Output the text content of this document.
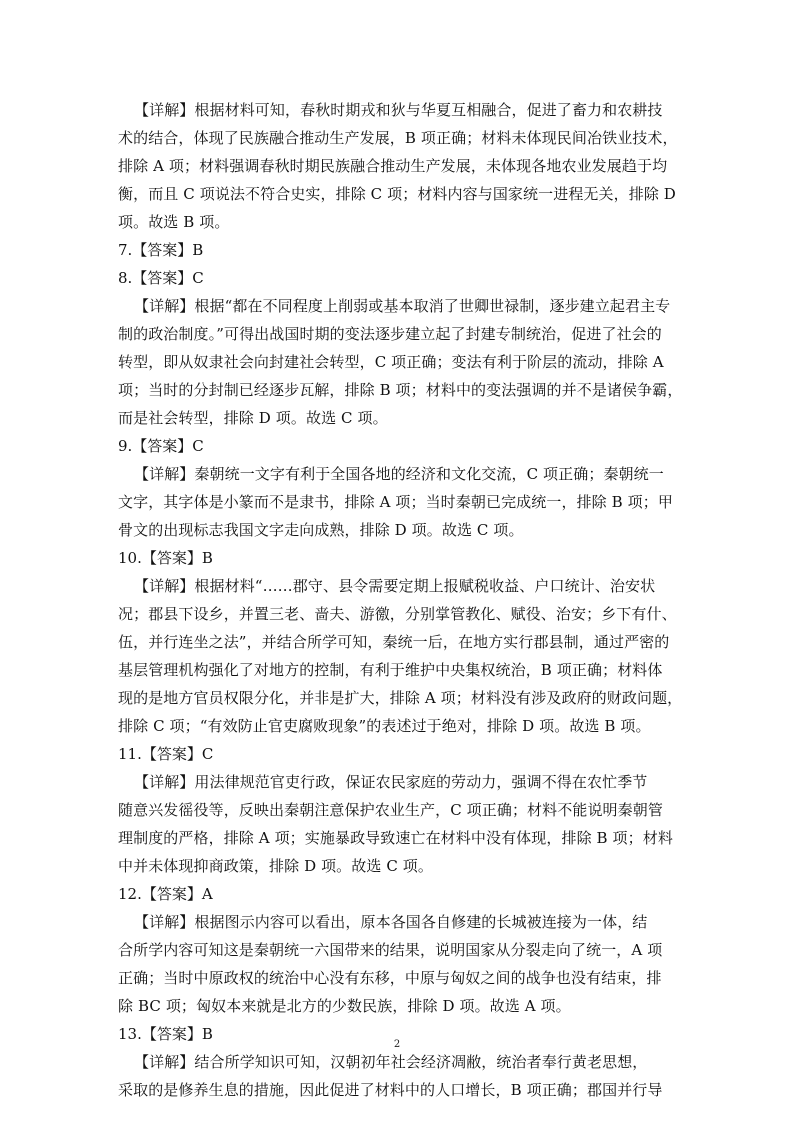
【详解】根据材料可知，春秋时期戎和狄与华夏互相融合，促进了畜力和农耕技

术的结合，体现了民族融合推动生产发展，B 项正确；材料未体现民间冶铁业技术，

排除 A 项；材料强调春秋时期民族融合推动生产发展，未体现各地农业发展趋于均

衡，而且 C 项说法不符合史实，排除 C 项；材料内容与国家统一进程无关，排除 D

项。故选 B 项。

7.【答案】B

8.【答案】C

【详解】根据“都在不同程度上削弱或基本取消了世卿世禄制，逐步建立起君主专

制的政治制度。”可得出战国时期的变法逐步建立起了封建专制统治，促进了社会的

转型，即从奴隶社会向封建社会转型，C 项正确；变法有利于阶层的流动，排除 A

项；当时的分封制已经逐步瓦解，排除 B 项；材料中的变法强调的并不是诸侯争霸，

而是社会转型，排除 D 项。故选 C 项。

9.【答案】C

【详解】秦朝统一文字有利于全国各地的经济和文化交流，C 项正确；秦朝统一

文字，其字体是小篆而不是隶书，排除 A 项；当时秦朝已完成统一，排除 B 项；甲

骨文的出现标志我国文字走向成熟，排除 D 项。故选 C 项。

10.【答案】B

【详解】根据材料“……郡守、县令需要定期上报赋税收益、户口统计、治安状

况；郡县下设乡，并置三老、啬夫、游徼，分别掌管教化、赋役、治安；乡下有什、

伍，并行连坐之法”，并结合所学可知，秦统一后，在地方实行郡县制，通过严密的

基层管理机构强化了对地方的控制，有利于维护中央集权统治，B 项正确；材料体

现的是地方官员权限分化，并非是扩大，排除 A 项；材料没有涉及政府的财政问题，

排除 C 项；“有效防止官吏腐败现象”的表述过于绝对，排除 D 项。故选 B 项。

11.【答案】C

【详解】用法律规范官吏行政，保证农民家庭的劳动力，强调不得在农忙季节

随意兴发徭役等，反映出秦朝注意保护农业生产，C 项正确；材料不能说明秦朝管

理制度的严格，排除 A 项；实施暴政导致速亡在材料中没有体现，排除 B 项；材料

中并未体现抑商政策，排除 D 项。故选 C 项。

12.【答案】A

【详解】根据图示内容可以看出，原本各国各自修建的长城被连接为一体，结

合所学内容可知这是秦朝统一六国带来的结果，说明国家从分裂走向了统一，A 项

正确；当时中原政权的统治中心没有东移，中原与匈奴之间的战争也没有结束，排

除 BC 项；匈奴本来就是北方的少数民族，排除 D 项。故选 A 项。

13.【答案】B

【详解】结合所学知识可知，汉朝初年社会经济凋敝，统治者奉行黄老思想，

采取的是修养生息的措施，因此促进了材料中的人口增长，B 项正确；郡国并行导

2
